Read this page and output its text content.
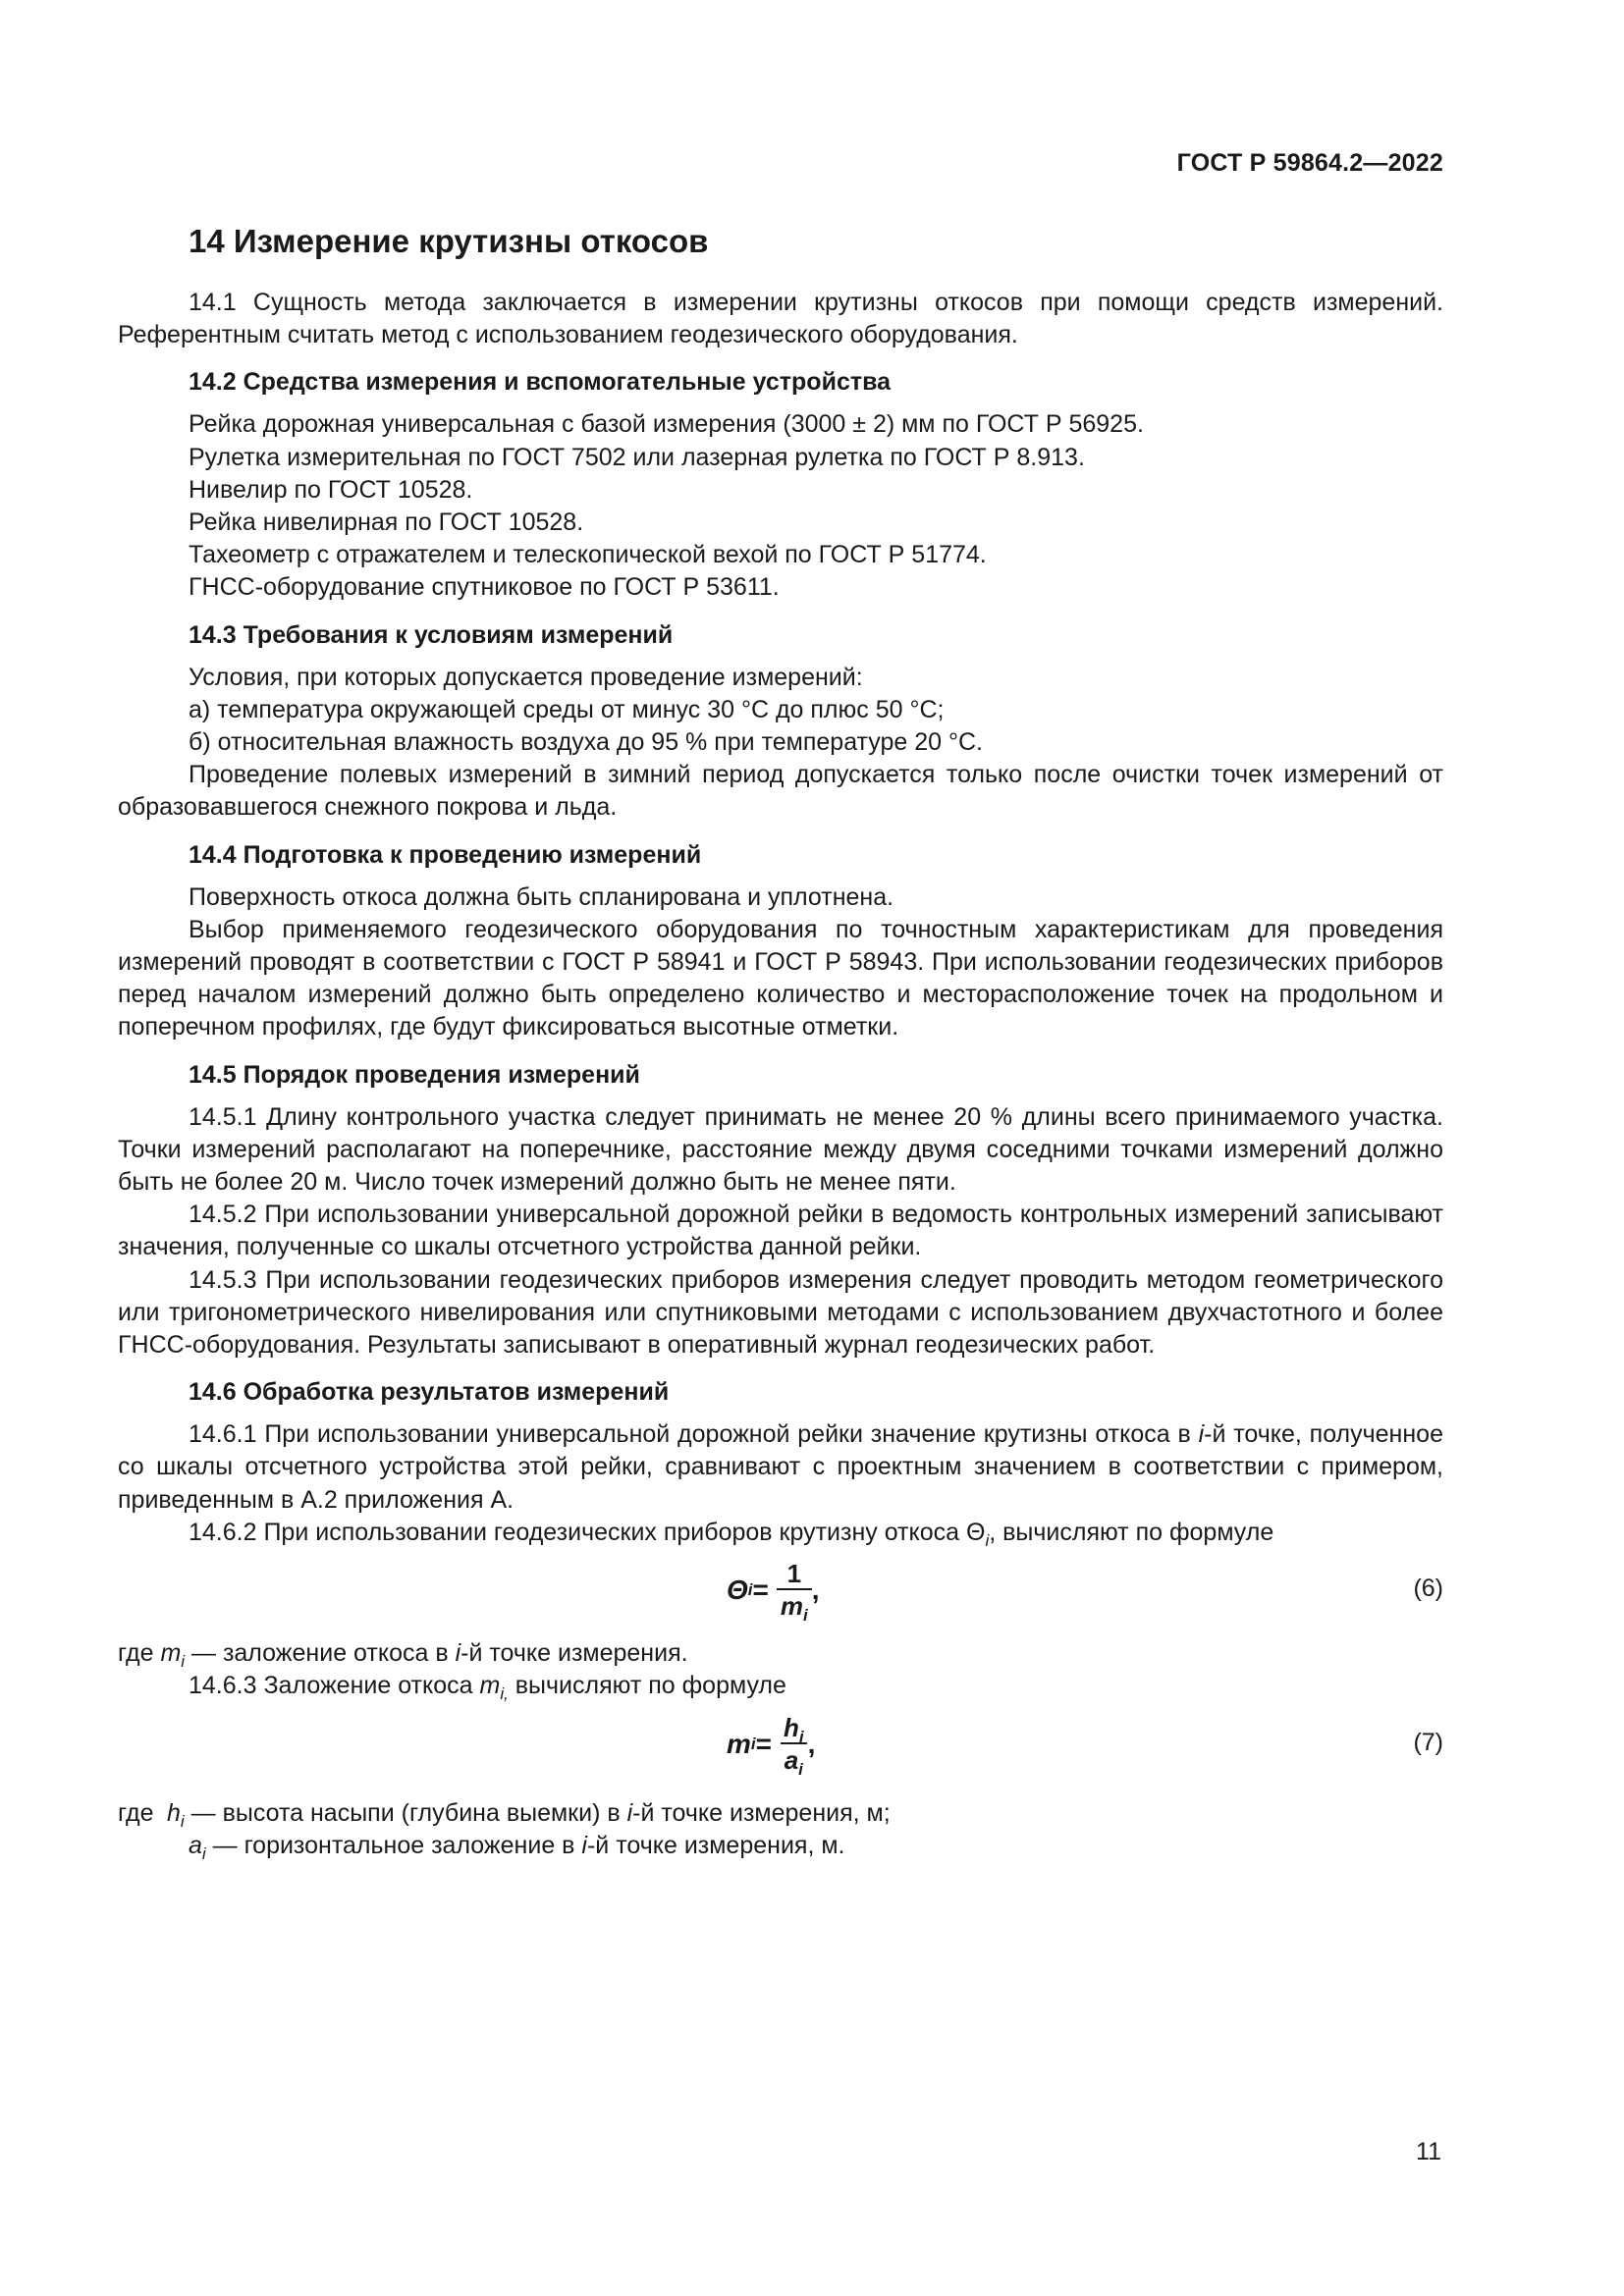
ГОСТ Р 59864.2—2022
14 Измерение крутизны откосов

14.1 Сущность метода заключается в измерении крутизны откосов при помощи средств измерений. Референтным считать метод с использованием геодезического оборудования.

14.2 Средства измерения и вспомогательные устройства

Рейка дорожная универсальная с базой измерения (3000 ± 2) мм по ГОСТ Р 56925.

Рулетка измерительная по ГОСТ 7502 или лазерная рулетка по ГОСТ Р 8.913.

Нивелир по ГОСТ 10528.

Рейка нивелирная по ГОСТ 10528.

Тахеометр с отражателем и телескопической вехой по ГОСТ Р 51774.

ГНСС-оборудование спутниковое по ГОСТ Р 53611.

14.3 Требования к условиям измерений

Условия, при которых допускается проведение измерений:

а) температура окружающей среды от минус 30 °С до плюс 50 °С;

б) относительная влажность воздуха до 95 % при температуре 20 °С.

Проведение полевых измерений в зимний период допускается только после очистки точек измерений от образовавшегося снежного покрова и льда.

14.4 Подготовка к проведению измерений

Поверхность откоса должна быть спланирована и уплотнена.

Выбор применяемого геодезического оборудования по точностным характеристикам для проведения измерений проводят в соответствии с ГОСТ Р 58941 и ГОСТ Р 58943. При использовании геодезических приборов перед началом измерений должно быть определено количество и месторасположение точек на продольном и поперечном профилях, где будут фиксироваться высотные отметки.

14.5 Порядок проведения измерений

14.5.1 Длину контрольного участка следует принимать не менее 20 % длины всего принимаемого участка. Точки измерений располагают на поперечнике, расстояние между двумя соседними точками измерений должно быть не более 20 м. Число точек измерений должно быть не менее пяти.

14.5.2 При использовании универсальной дорожной рейки в ведомость контрольных измерений записывают значения, полученные со шкалы отсчетного устройства данной рейки.

14.5.3 При использовании геодезических приборов измерения следует проводить методом геометрического или тригонометрического нивелирования или спутниковыми методами с использованием двухчастотного и более ГНСС-оборудования. Результаты записывают в оперативный журнал геодезических работ.

14.6 Обработка результатов измерений

14.6.1 При использовании универсальной дорожной рейки значение крутизны откоса в i-й точке, полученное со шкалы отсчетного устройства этой рейки, сравнивают с проектным значением в соответствии с примером, приведенным в А.2 приложения А.

14.6.2 При использовании геодезических приборов крутизну откоса $\Theta_i$, вычисляют по формуле

Θ $i = \frac{1}{m_i}$ ,	(6)

где $m_i$ — заложение откоса в i-й точке измерения.

14.6.3 Заложение откоса $m_{i,}$ вычисляют по формуле

m $i = \frac{h_i}{a_i}$ ,	(7)
где $h_i$ — высота насыпи (глубина выемки) в i-й точке измерения, м;
$a_i$ — горизонтальное заложение в i-й точке измерения, м.
11
